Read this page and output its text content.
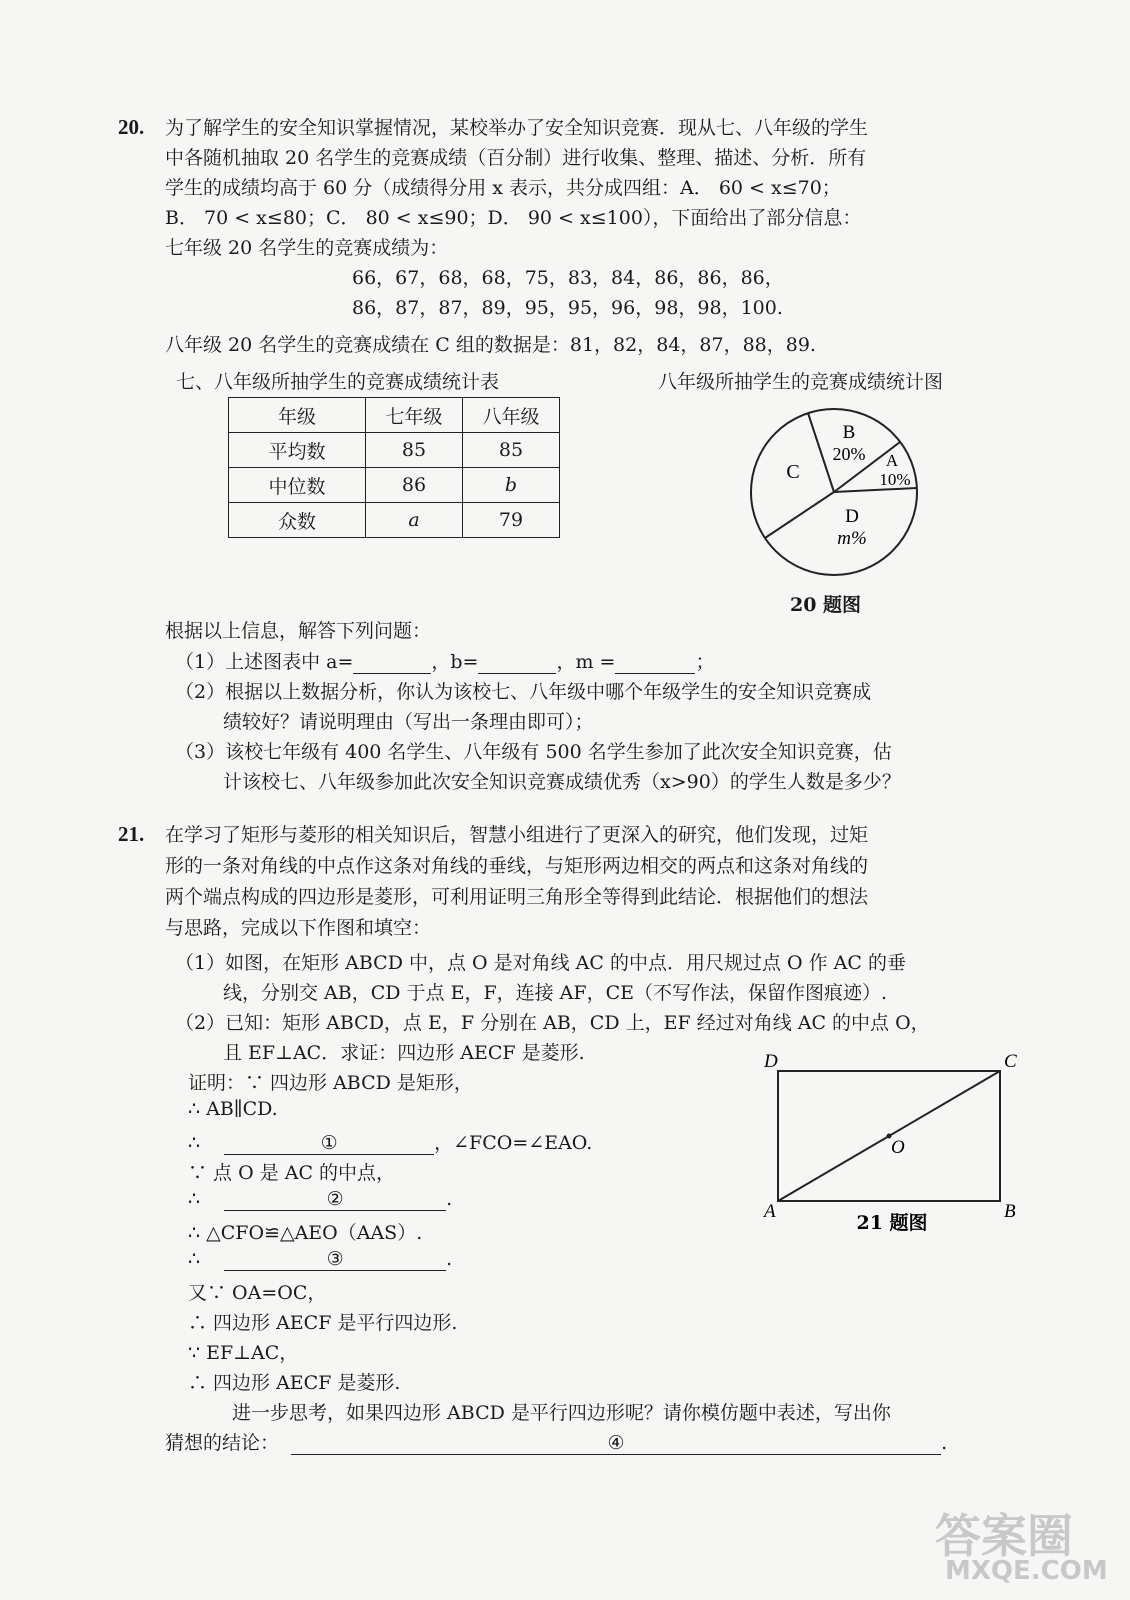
20. 为了解学生的安全知识掌握情况，某校举办了安全知识竞赛．现从七、八年级的学生
中各随机抽取 20 名学生的竞赛成绩（百分制）进行收集、整理、描述、分析．所有
学生的成绩均高于 60 分（成绩得分用 x 表示，共分成四组：A． 60 < x≤70；
B． 70 < x≤80；C． 80 < x≤90；D． 90 < x≤100），下面给出了部分信息：
七年级 20 名学生的竞赛成绩为：
66，67，68，68，75，83，84，86，86，86，
86，87，87，89，95，95，96，98，98，100.
八年级 20 名学生的竞赛成绩在 C 组的数据是：81，82，84，87，88，89.
七、八年级所抽学生的竞赛成绩统计表
年级	七年级	八年级
平均数	85	85
中位数	86	b
众数	a	79
八年级所抽学生的竞赛成绩统计图
B
20% A
10%
C
D
m%
20 题图
根据以上信息，解答下列问题：
（1）上述图表中 a=	，b=	，m =	；
（2）根据以上数据分析，你认为该校七、八年级中哪个年级学生的安全知识竞赛成
绩较好？请说明理由（写出一条理由即可）；
（3）该校七年级有 400 名学生、八年级有 500 名学生参加了此次安全知识竞赛，估
计该校七、八年级参加此次安全知识竞赛成绩优秀（x>90）的学生人数是多少？
21. 在学习了矩形与菱形的相关知识后，智慧小组进行了更深入的研究，他们发现，过矩
形的一条对角线的中点作这条对角线的垂线，与矩形两边相交的两点和这条对角线的
两个端点构成的四边形是菱形，可利用证明三角形全等得到此结论．根据他们的想法
与思路，完成以下作图和填空：
（1）如图，在矩形 ABCD 中，点 O 是对角线 AC 的中点．用尺规过点 O 作 AC 的垂
线，分别交 AB，CD 于点 E，F，连接 AF，CE（不写作法，保留作图痕迹）.
（2）已知：矩形 ABCD，点 E，F 分别在 AB，CD 上，EF 经过对角线 AC 的中点 O，
且 EF⊥AC．求证：四边形 AECF 是菱形.
证明：∵ 四边形 ABCD 是矩形，
∴ AB∥CD.
∴	①	，∠FCO=∠EAO.
∵ 点 O 是 AC 的中点，
∴	②	.
∴ △CFO≌△AEO（AAS）.
∴	③	.
又∵ OA=OC，
∴ 四边形 AECF 是平行四边形.
∵ EF⊥AC，
∴ 四边形 AECF 是菱形.
进一步思考，如果四边形 ABCD 是平行四边形呢？请你模仿题中表述，写出你
猜想的结论：	④	.
D	C
A	B
O
21 题图
答案圈
MXQE.COM
